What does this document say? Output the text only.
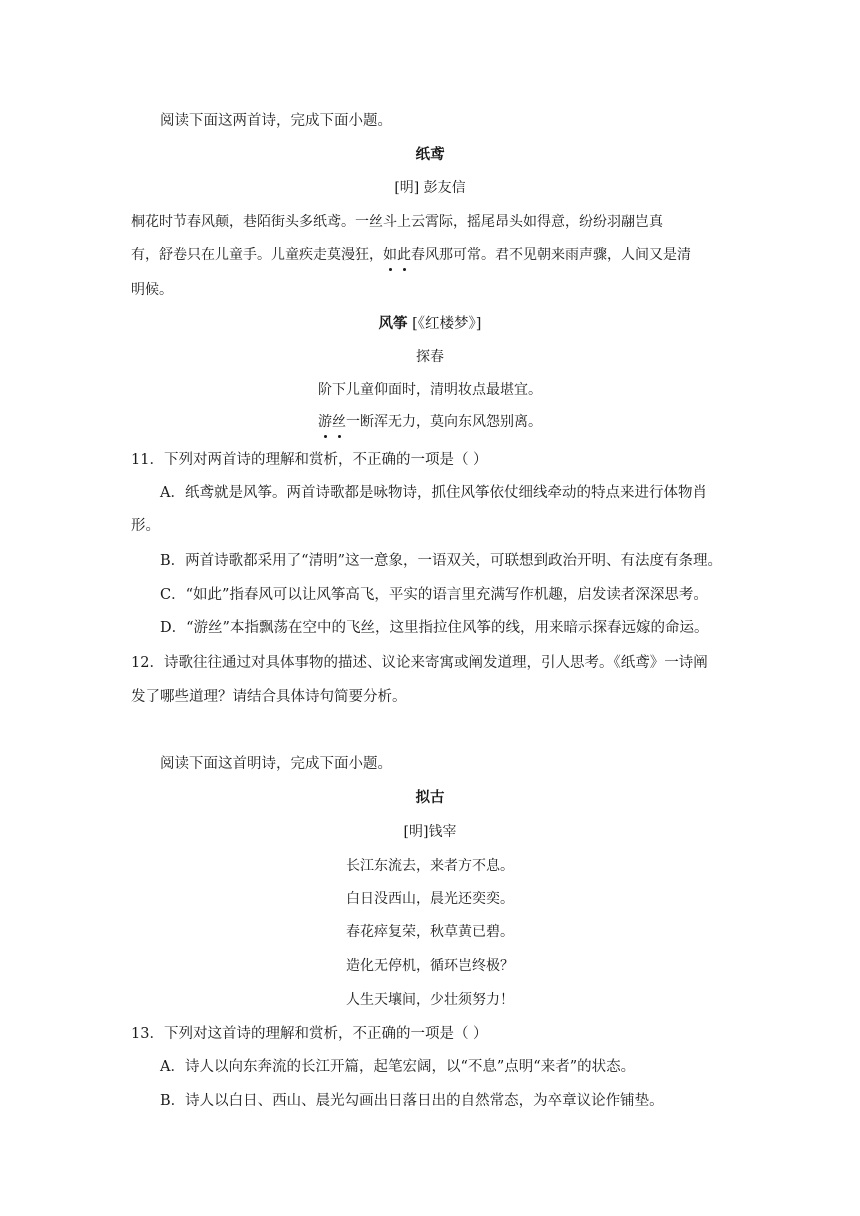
阅读下面这两首诗，完成下面小题。
纸鸢
[明] 彭友信
桐花时节春风颠，巷陌街头多纸鸢。一丝斗上云霄际，摇尾昂头如得意，纷纷羽翮岂真
有，舒卷只在儿童手。儿童疾走莫漫狂，如此春风那可常。君不见朝来雨声骤，人间又是清
明候。
风筝 [《红楼梦》]
探春
阶下儿童仰面时，清明妆点最堪宜。
游丝一断浑无力，莫向东风怨别离。
11．下列对两首诗的理解和赏析，不正确的一项是（ ）
A．纸鸢就是风筝。两首诗歌都是咏物诗，抓住风筝依仗细线牵动的特点来进行体物肖
形。
B．两首诗歌都采用了“清明”这一意象，一语双关，可联想到政治开明、有法度有条理。
C．“如此”指春风可以让风筝高飞，平实的语言里充满写作机趣，启发读者深深思考。
D．“游丝”本指飘荡在空中的飞丝，这里指拉住风筝的线，用来暗示探春远嫁的命运。
12．诗歌往往通过对具体事物的描述、议论来寄寓或阐发道理，引人思考。《纸鸢》一诗阐
发了哪些道理？请结合具体诗句简要分析。
阅读下面这首明诗，完成下面小题。
拟古
[明]钱宰
长江东流去，来者方不息。
白日没西山，晨光还奕奕。
春花瘁复荣，秋草黄已碧。
造化无停机，循环岂终极？
人生天壤间，少壮须努力！
13．下列对这首诗的理解和赏析，不正确的一项是（ ）
A．诗人以向东奔流的长江开篇，起笔宏阔，以“不息”点明“来者”的状态。
B．诗人以白日、西山、晨光勾画出日落日出的自然常态，为卒章议论作铺垫。
